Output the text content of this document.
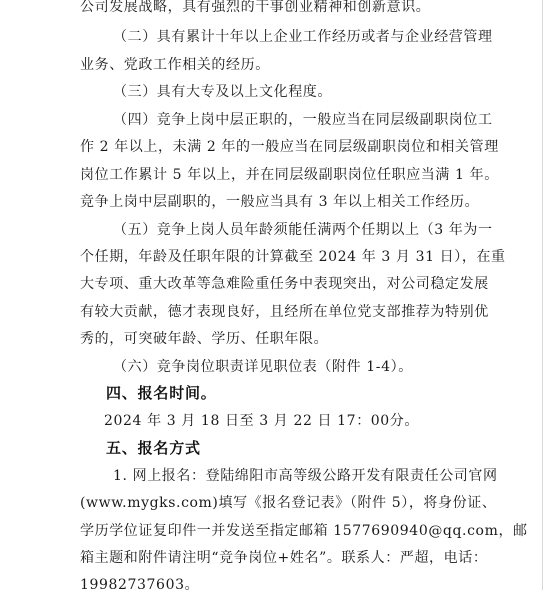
公司发展战略，具有强烈的干事创业精神和创新意识。

（二）具有累计十年以上企业工作经历或者与企业经营管理

业务、党政工作相关的经历。

（三）具有大专及以上文化程度。

（四）竞争上岗中层正职的，一般应当在同层级副职岗位工

作 2 年以上，未满 2 年的一般应当在同层级副职岗位和相关管理

岗位工作累计 5 年以上，并在同层级副职岗位任职应当满 1 年。

竞争上岗中层副职的，一般应当具有 3 年以上相关工作经历。

（五）竞争上岗人员年龄须能任满两个任期以上（3 年为一

个任期，年龄及任职年限的计算截至 2024 年 3 月 31 日），在重

大专项、重大改革等急难险重任务中表现突出，对公司稳定发展

有较大贡献，德才表现良好，且经所在单位党支部推荐为特别优

秀的，可突破年龄、学历、任职年限。

（六）竞争岗位职责详见职位表（附件 1-4）。

四、报名时间。

2024 年 3 月 18 日至 3 月 22 日 17：00分。

五、报名方式

1. 网上报名：登陆绵阳市高等级公路开发有限责任公司官网

(www.mygks.com)填写《报名登记表》（附件 5），将身份证、

学历学位证复印件一并发送至指定邮箱 1577690940@qq.com，邮

箱主题和附件请注明“竞争岗位+姓名”。联系人：严超，电话：

19982737603。
